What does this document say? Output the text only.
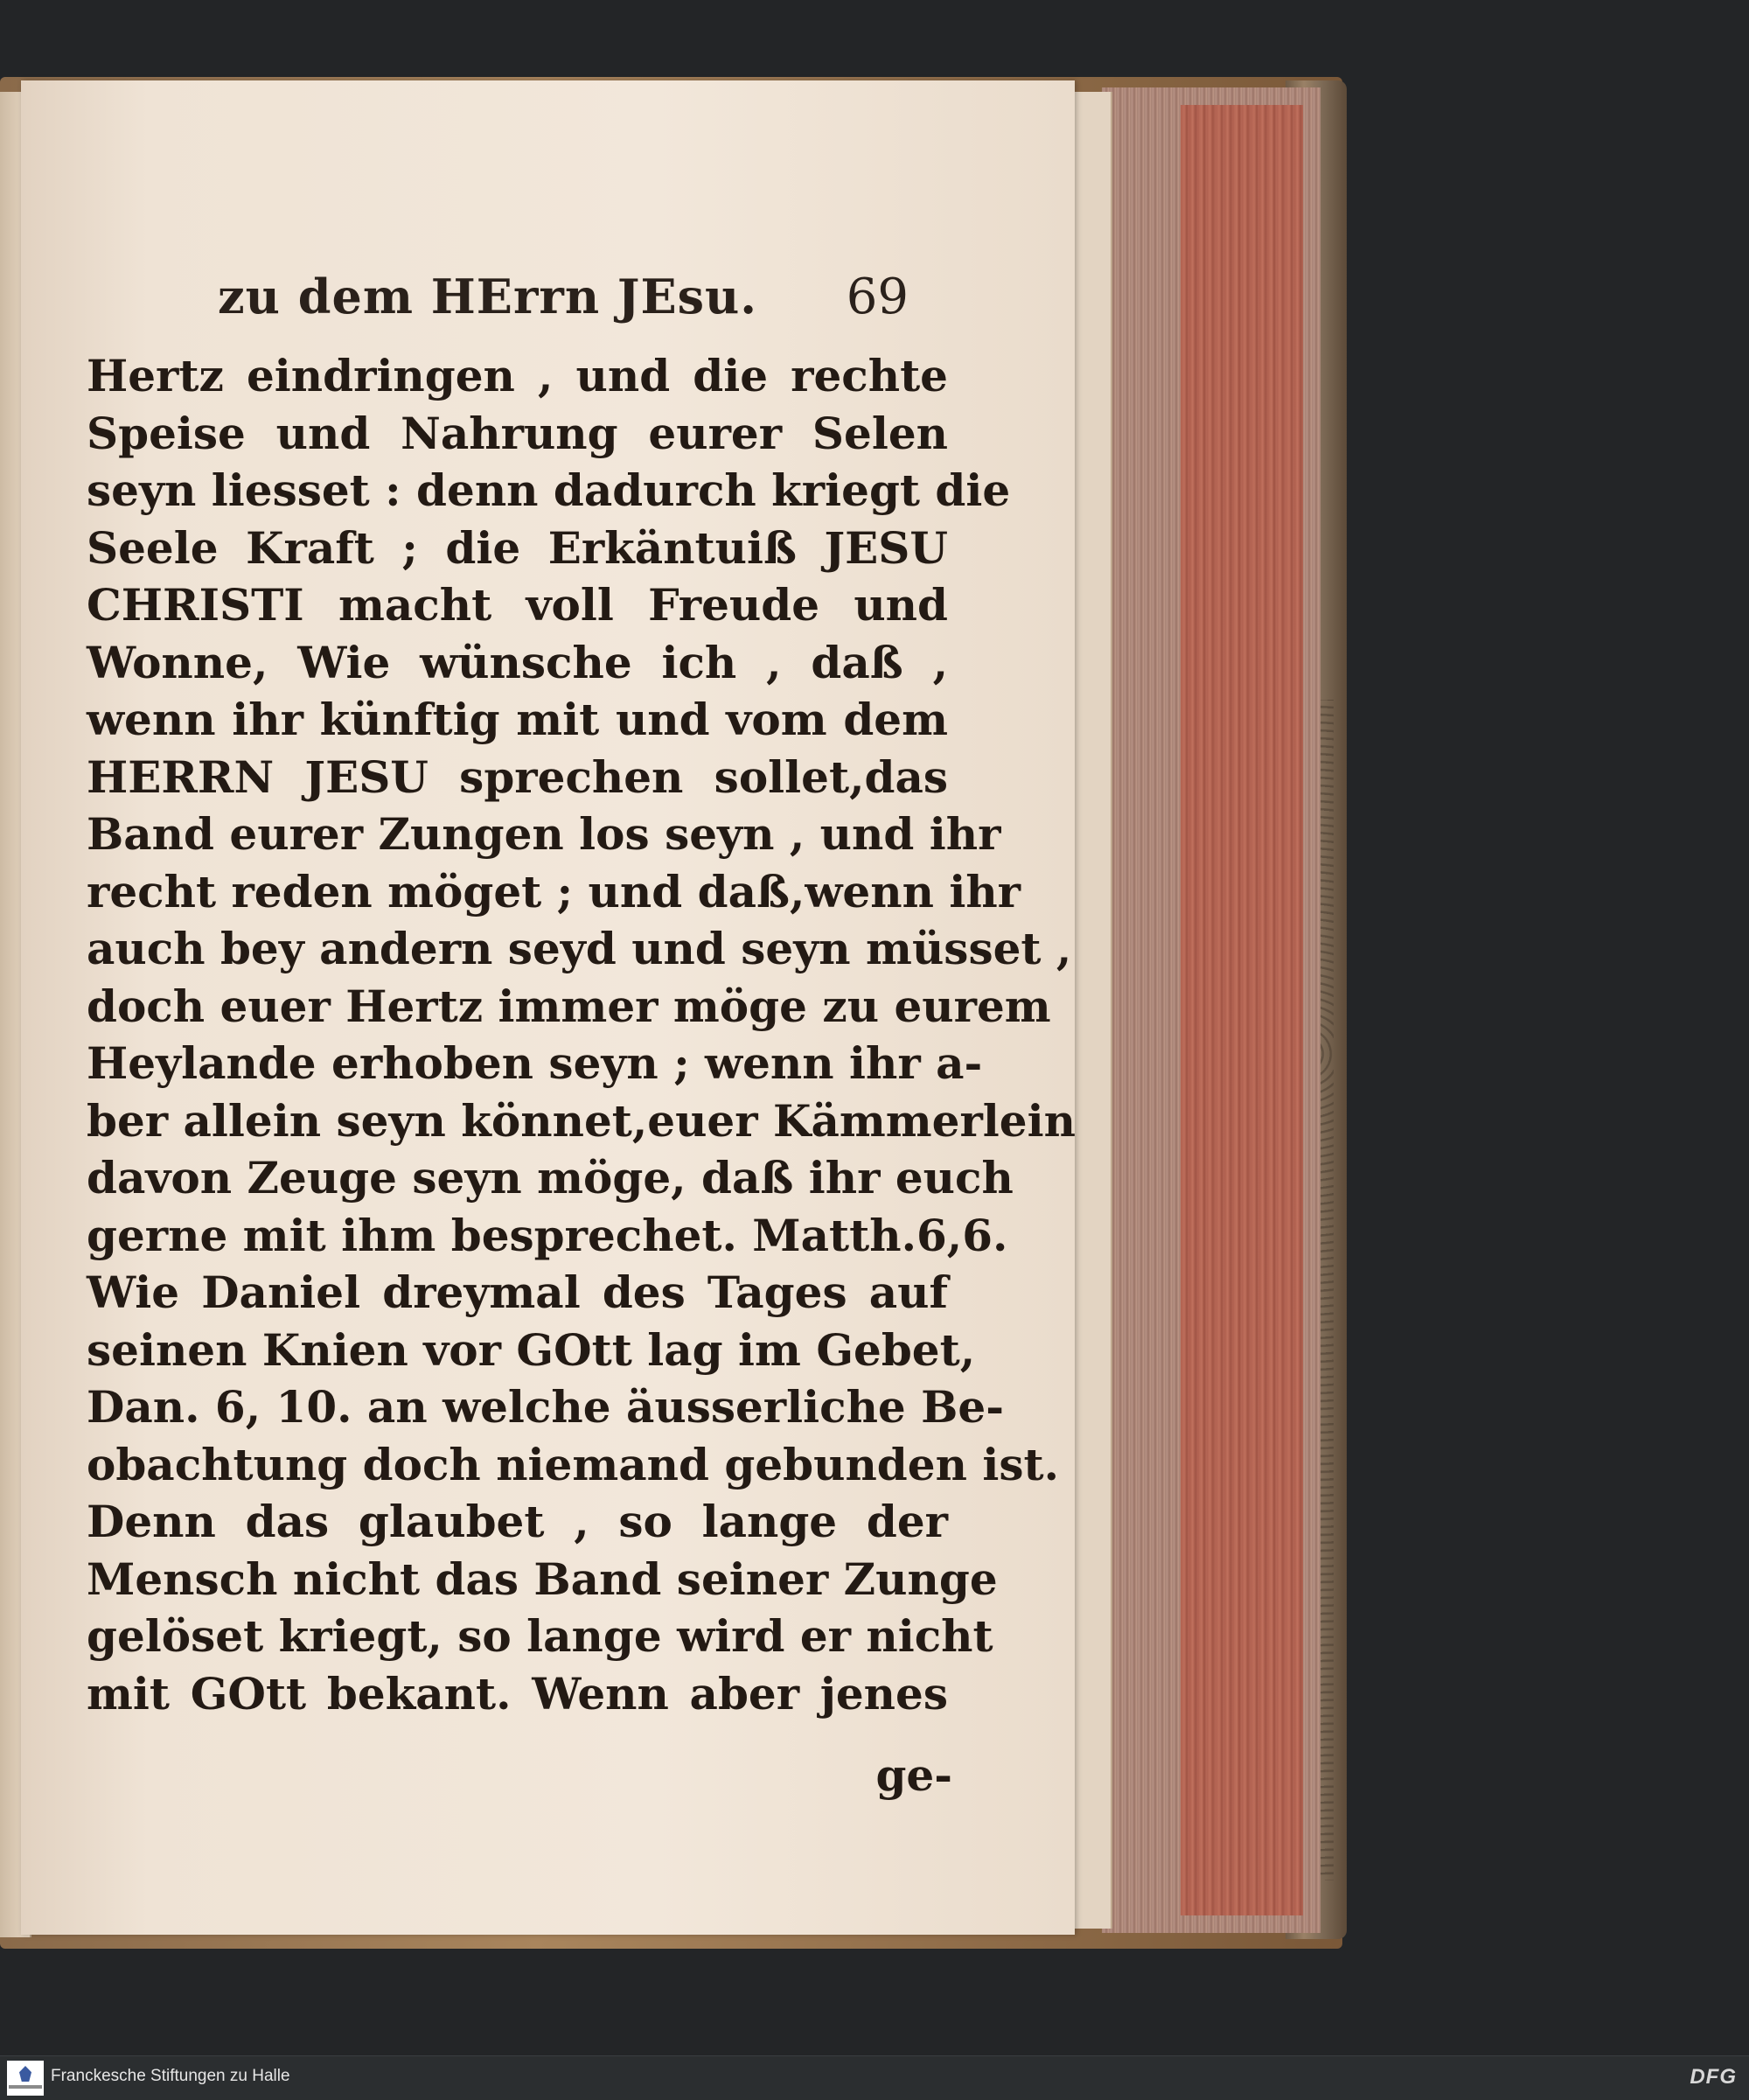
zu dem HErrn JEsu. 69
Hertz eindringen , und die rechte
Speise und Nahrung eurer Selen
seyn liesset : denn dadurch kriegt die
Seele Kraft ; die Erkäntuiß JESU
CHRISTI macht voll Freude und
Wonne, Wie wünsche ich , daß ,
wenn ihr künftig mit und vom dem
HERRN JESU sprechen sollet,das
Band eurer Zungen los seyn , und ihr
recht reden möget ; und daß,wenn ihr
auch bey andern seyd und seyn müsset ,
doch euer Hertz immer möge zu eurem
Heylande erhoben seyn ; wenn ihr a-
ber allein seyn könnet,euer Kämmerlein
davon Zeuge seyn möge, daß ihr euch
gerne mit ihm besprechet. Matth.6,6.
Wie Daniel dreymal des Tages auf
seinen Knien vor GOtt lag im Gebet,
Dan. 6, 10. an welche äusserliche Be-
obachtung doch niemand gebunden ist.
Denn das glaubet , so lange der
Mensch nicht das Band seiner Zunge
gelöset kriegt, so lange wird er nicht
mit GOtt bekant. Wenn aber jenes
ge-
Franckesche Stiftungen zu Halle	DFG
